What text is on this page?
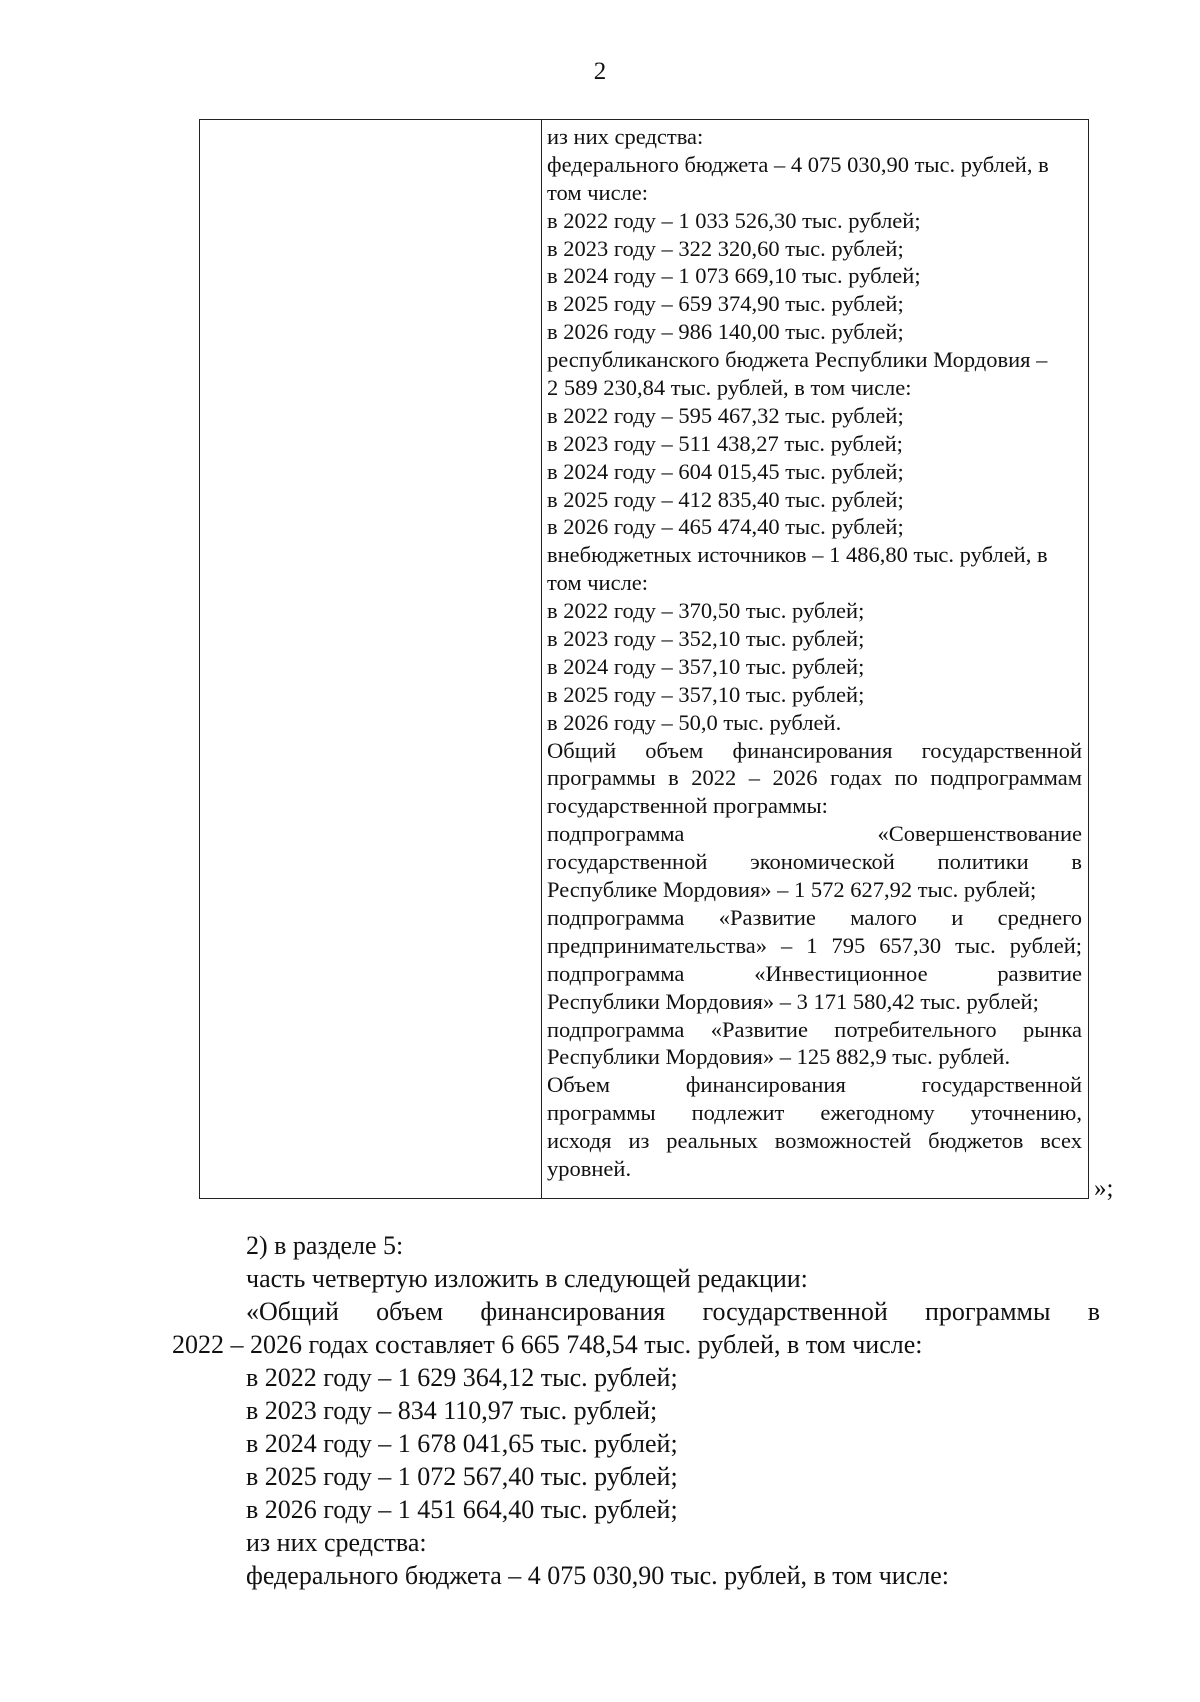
2
из них средства:
федерального бюджета – 4 075 030,90 тыс. рублей, в
том числе:
в 2022 году – 1 033 526,30 тыс. рублей;
в 2023 году – 322 320,60 тыс. рублей;
в 2024 году – 1 073 669,10 тыс. рублей;
в 2025 году – 659 374,90 тыс. рублей;
в 2026 году – 986 140,00 тыс. рублей;
республиканского бюджета Республики Мордовия –
2 589 230,84 тыс. рублей, в том числе:
в 2022 году – 595 467,32 тыс. рублей;
в 2023 году – 511 438,27 тыс. рублей;
в 2024 году – 604 015,45 тыс. рублей;
в 2025 году – 412 835,40 тыс. рублей;
в 2026 году – 465 474,40 тыс. рублей;
внебюджетных источников – 1 486,80 тыс. рублей, в
том числе:
в 2022 году – 370,50 тыс. рублей;
в 2023 году – 352,10 тыс. рублей;
в 2024 году – 357,10 тыс. рублей;
в 2025 году – 357,10 тыс. рублей;
в 2026 году – 50,0 тыс. рублей.
Общий объем финансирования государственной
программы в 2022 – 2026 годах по подпрограммам
государственной программы:
подпрограмма «Совершенствование
государственной экономической политики в
Республике Мордовия» – 1 572 627,92 тыс. рублей;
подпрограмма «Развитие малого и среднего
предпринимательства» – 1 795 657,30 тыс. рублей;
подпрограмма «Инвестиционное развитие
Республики Мордовия» – 3 171 580,42 тыс. рублей;
подпрограмма «Развитие потребительного рынка
Республики Мордовия» – 125 882,9 тыс. рублей.
Объем финансирования государственной
программы подлежит ежегодному уточнению,
исходя из реальных возможностей бюджетов всех
уровней.
»;
2) в разделе 5:
часть четвертую изложить в следующей редакции:
«Общий объем финансирования государственной программы в
2022 – 2026 годах составляет 6 665 748,54 тыс. рублей, в том числе:
в 2022 году – 1 629 364,12 тыс. рублей;
в 2023 году – 834 110,97 тыс. рублей;
в 2024 году – 1 678 041,65 тыс. рублей;
в 2025 году – 1 072 567,40 тыс. рублей;
в 2026 году – 1 451 664,40 тыс. рублей;
из них средства:
федерального бюджета – 4 075 030,90 тыс. рублей, в том числе:
